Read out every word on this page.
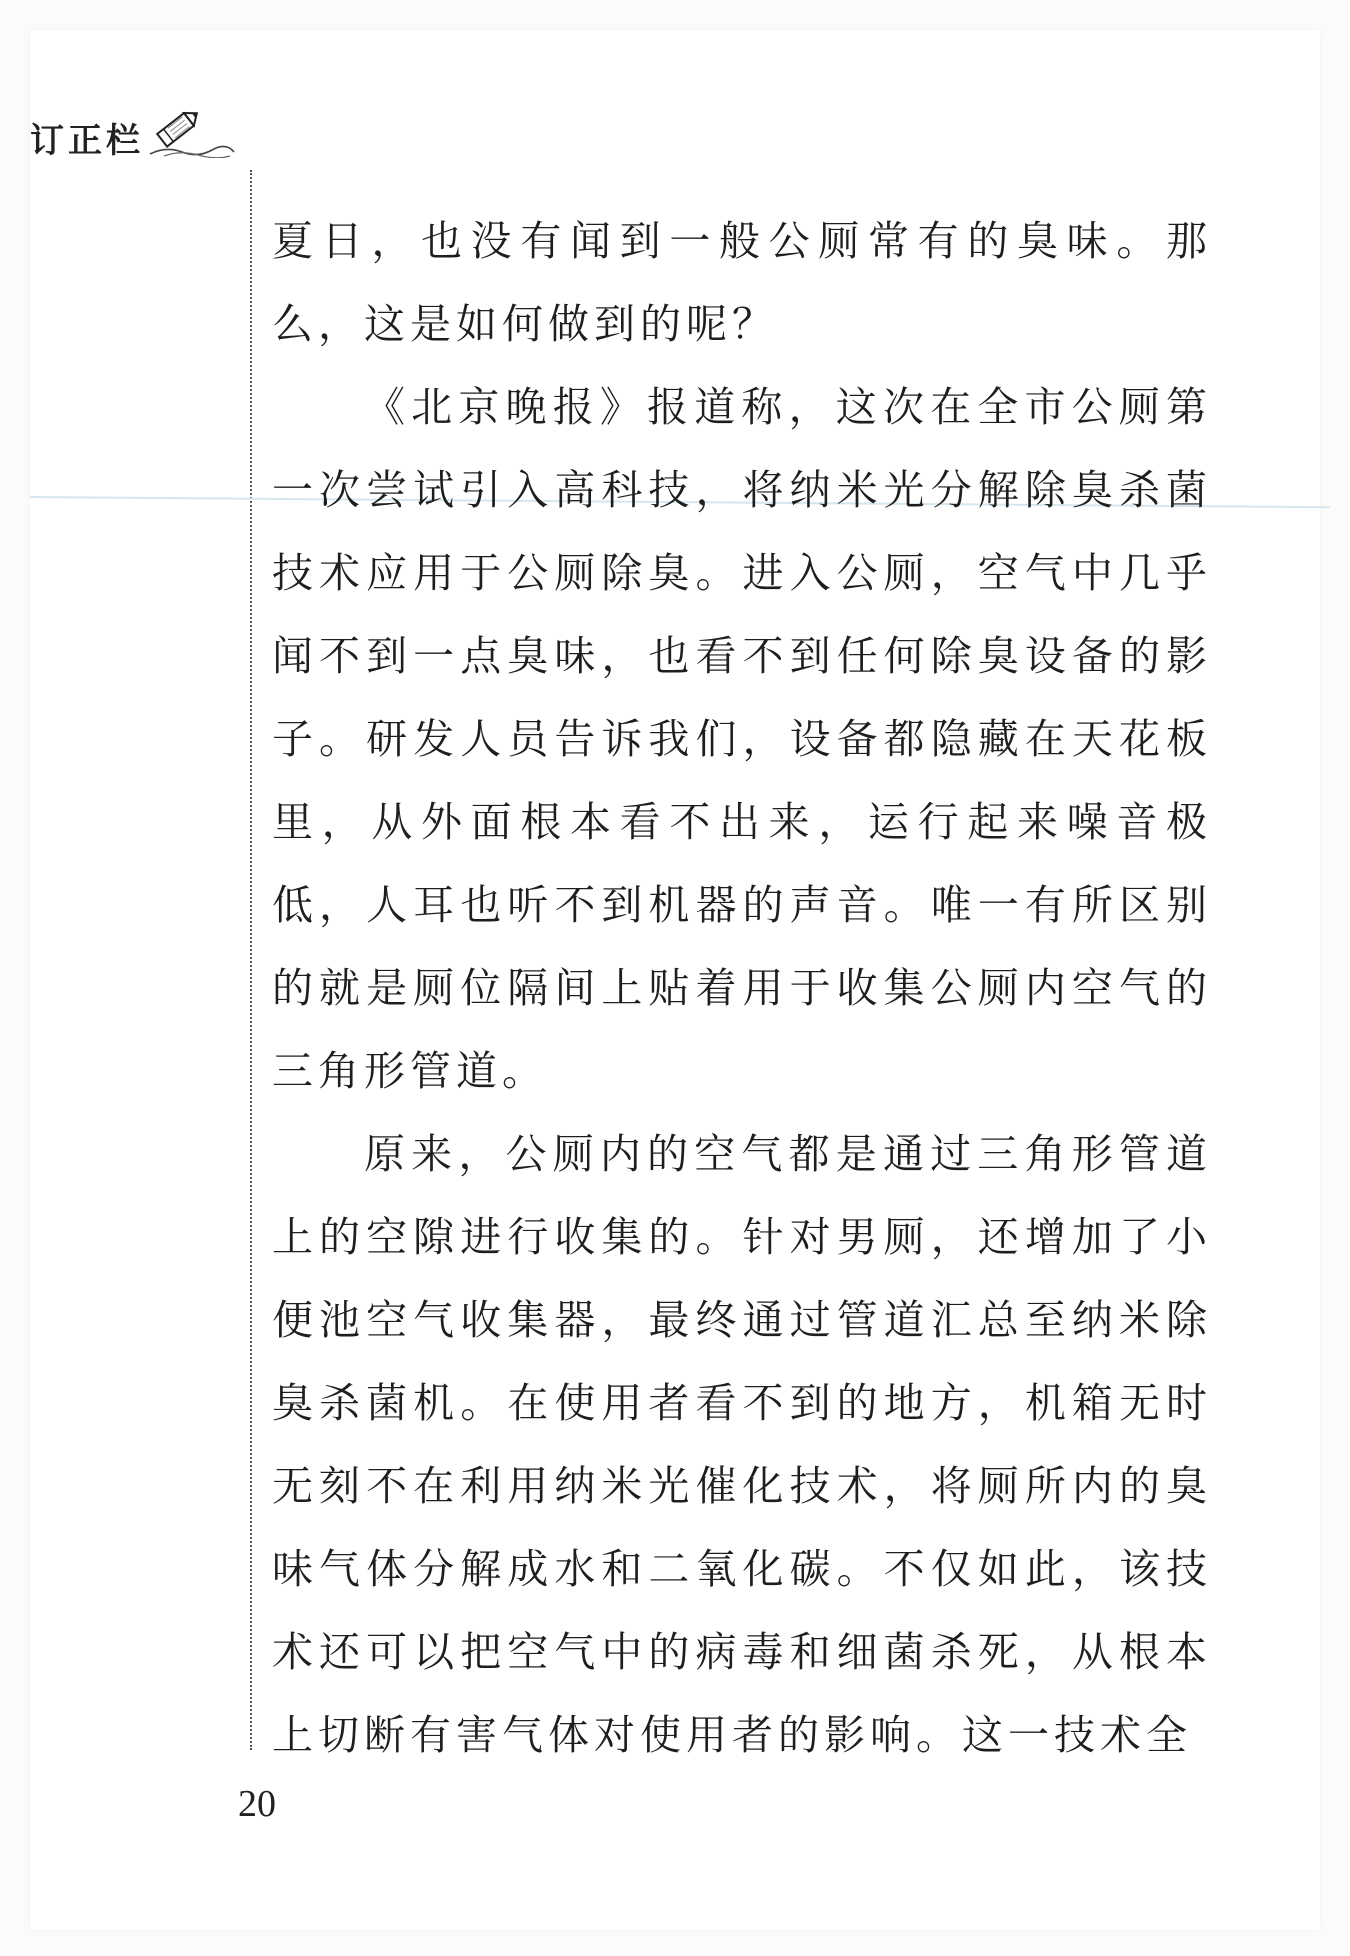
订正栏

夏日，也没有闻到一般公厕常有的臭味。那么，这是如何做到的呢？

《北京晚报》报道称，这次在全市公厕第一次尝试引入高科技，将纳米光分解除臭杀菌技术应用于公厕除臭。进入公厕，空气中几乎闻不到一点臭味，也看不到任何除臭设备的影子。研发人员告诉我们，设备都隐藏在天花板里，从外面根本看不出来，运行起来噪音极低，人耳也听不到机器的声音。唯一有所区别的就是厕位隔间上贴着用于收集公厕内空气的三角形管道。

原来，公厕内的空气都是通过三角形管道上的空隙进行收集的。针对男厕，还增加了小便池空气收集器，最终通过管道汇总至纳米除臭杀菌机。在使用者看不到的地方，机箱无时无刻不在利用纳米光催化技术，将厕所内的臭味气体分解成水和二氧化碳。不仅如此，该技术还可以把空气中的病毒和细菌杀死，从根本上切断有害气体对使用者的影响。这一技术全

20
